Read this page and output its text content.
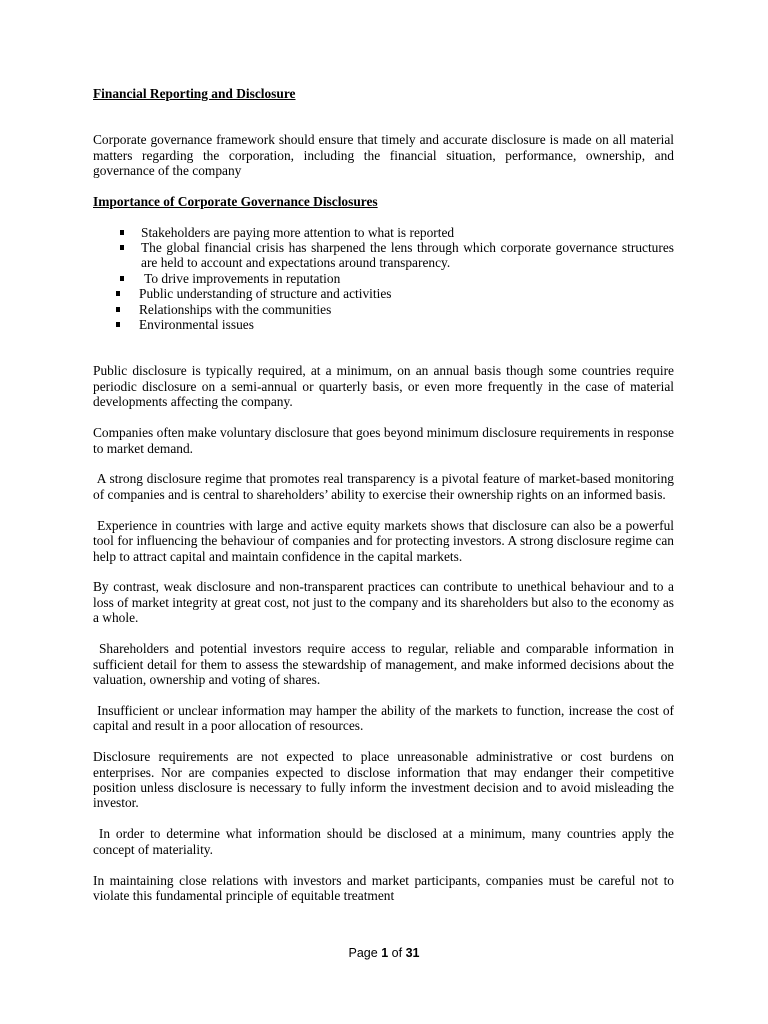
Financial Reporting and Disclosure

Corporate governance framework should ensure that timely and accurate disclosure is made on all material matters regarding the corporation, including the financial situation, performance, ownership, and governance of the company

Importance of Corporate Governance Disclosures

Stakeholders are paying more attention to what is reported
The global financial crisis has sharpened the lens through which corporate governance structures are held to account and expectations around transparency.
To drive improvements in reputation
Public understanding of structure and activities
Relationships with the communities
Environmental issues

Public disclosure is typically required, at a minimum, on an annual basis though some countries require periodic disclosure on a semi-annual or quarterly basis, or even more frequently in the case of material developments affecting the company.

Companies often make voluntary disclosure that goes beyond minimum disclosure requirements in response to market demand.

A strong disclosure regime that promotes real transparency is a pivotal feature of market-based monitoring of companies and is central to shareholders’ ability to exercise their ownership rights on an informed basis.

Experience in countries with large and active equity markets shows that disclosure can also be a powerful tool for influencing the behaviour of companies and for protecting investors. A strong disclosure regime can help to attract capital and maintain confidence in the capital markets.

By contrast, weak disclosure and non-transparent practices can contribute to unethical behaviour and to a loss of market integrity at great cost, not just to the company and its shareholders but also to the economy as a whole.

Shareholders and potential investors require access to regular, reliable and comparable information in sufficient detail for them to assess the stewardship of management, and make informed decisions about the valuation, ownership and voting of shares.

Insufficient or unclear information may hamper the ability of the markets to function, increase the cost of capital and result in a poor allocation of resources.

Disclosure requirements are not expected to place unreasonable administrative or cost burdens on enterprises. Nor are companies expected to disclose information that may endanger their competitive position unless disclosure is necessary to fully inform the investment decision and to avoid misleading the investor.

In order to determine what information should be disclosed at a minimum, many countries apply the concept of materiality.

In maintaining close relations with investors and market participants, companies must be careful not to violate this fundamental principle of equitable treatment

Page 1 of 31
